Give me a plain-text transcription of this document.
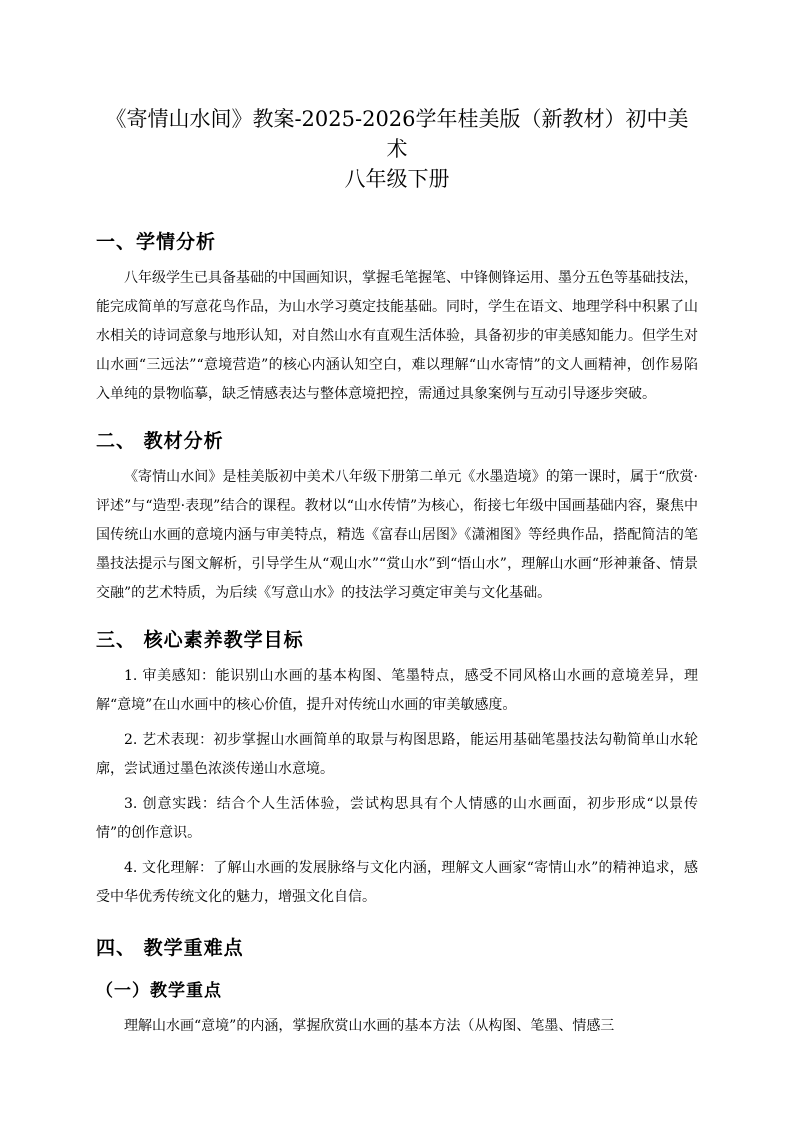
《寄情山水间》教案-2025-2026学年桂美版（新教材）初中美术
八年级下册
一、学情分析

八年级学生已具备基础的中国画知识，掌握毛笔握笔、中锋侧锋运用、墨分五色等基础技法，能完成简单的写意花鸟作品，为山水学习奠定技能基础。同时，学生在语文、地理学科中积累了山水相关的诗词意象与地形认知，对自然山水有直观生活体验，具备初步的审美感知能力。但学生对山水画“三远法”“意境营造”的核心内涵认知空白，难以理解“山水寄情”的文人画精神，创作易陷入单纯的景物临摹，缺乏情感表达与整体意境把控，需通过具象案例与互动引导逐步突破。

二、 教材分析

《寄情山水间》是桂美版初中美术八年级下册第二单元《水墨造境》的第一课时，属于“欣赏·评述”与“造型·表现”结合的课程。教材以“山水传情”为核心，衔接七年级中国画基础内容，聚焦中国传统山水画的意境内涵与审美特点，精选《富春山居图》《潇湘图》等经典作品，搭配简洁的笔墨技法提示与图文解析，引导学生从“观山水”“赏山水”到“悟山水”，理解山水画“形神兼备、情景交融”的艺术特质，为后续《写意山水》的技法学习奠定审美与文化基础。

三、 核心素养教学目标

1. 审美感知：能识别山水画的基本构图、笔墨特点，感受不同风格山水画的意境差异，理解“意境”在山水画中的核心价值，提升对传统山水画的审美敏感度。

2. 艺术表现：初步掌握山水画简单的取景与构图思路，能运用基础笔墨技法勾勒简单山水轮廓，尝试通过墨色浓淡传递山水意境。

3. 创意实践：结合个人生活体验，尝试构思具有个人情感的山水画面，初步形成“以景传情”的创作意识。

4. 文化理解：了解山水画的发展脉络与文化内涵，理解文人画家“寄情山水”的精神追求，感受中华优秀传统文化的魅力，增强文化自信。

四、 教学重难点
（一）教学重点

理解山水画“意境”的内涵，掌握欣赏山水画的基本方法（从构图、笔墨、情感三
